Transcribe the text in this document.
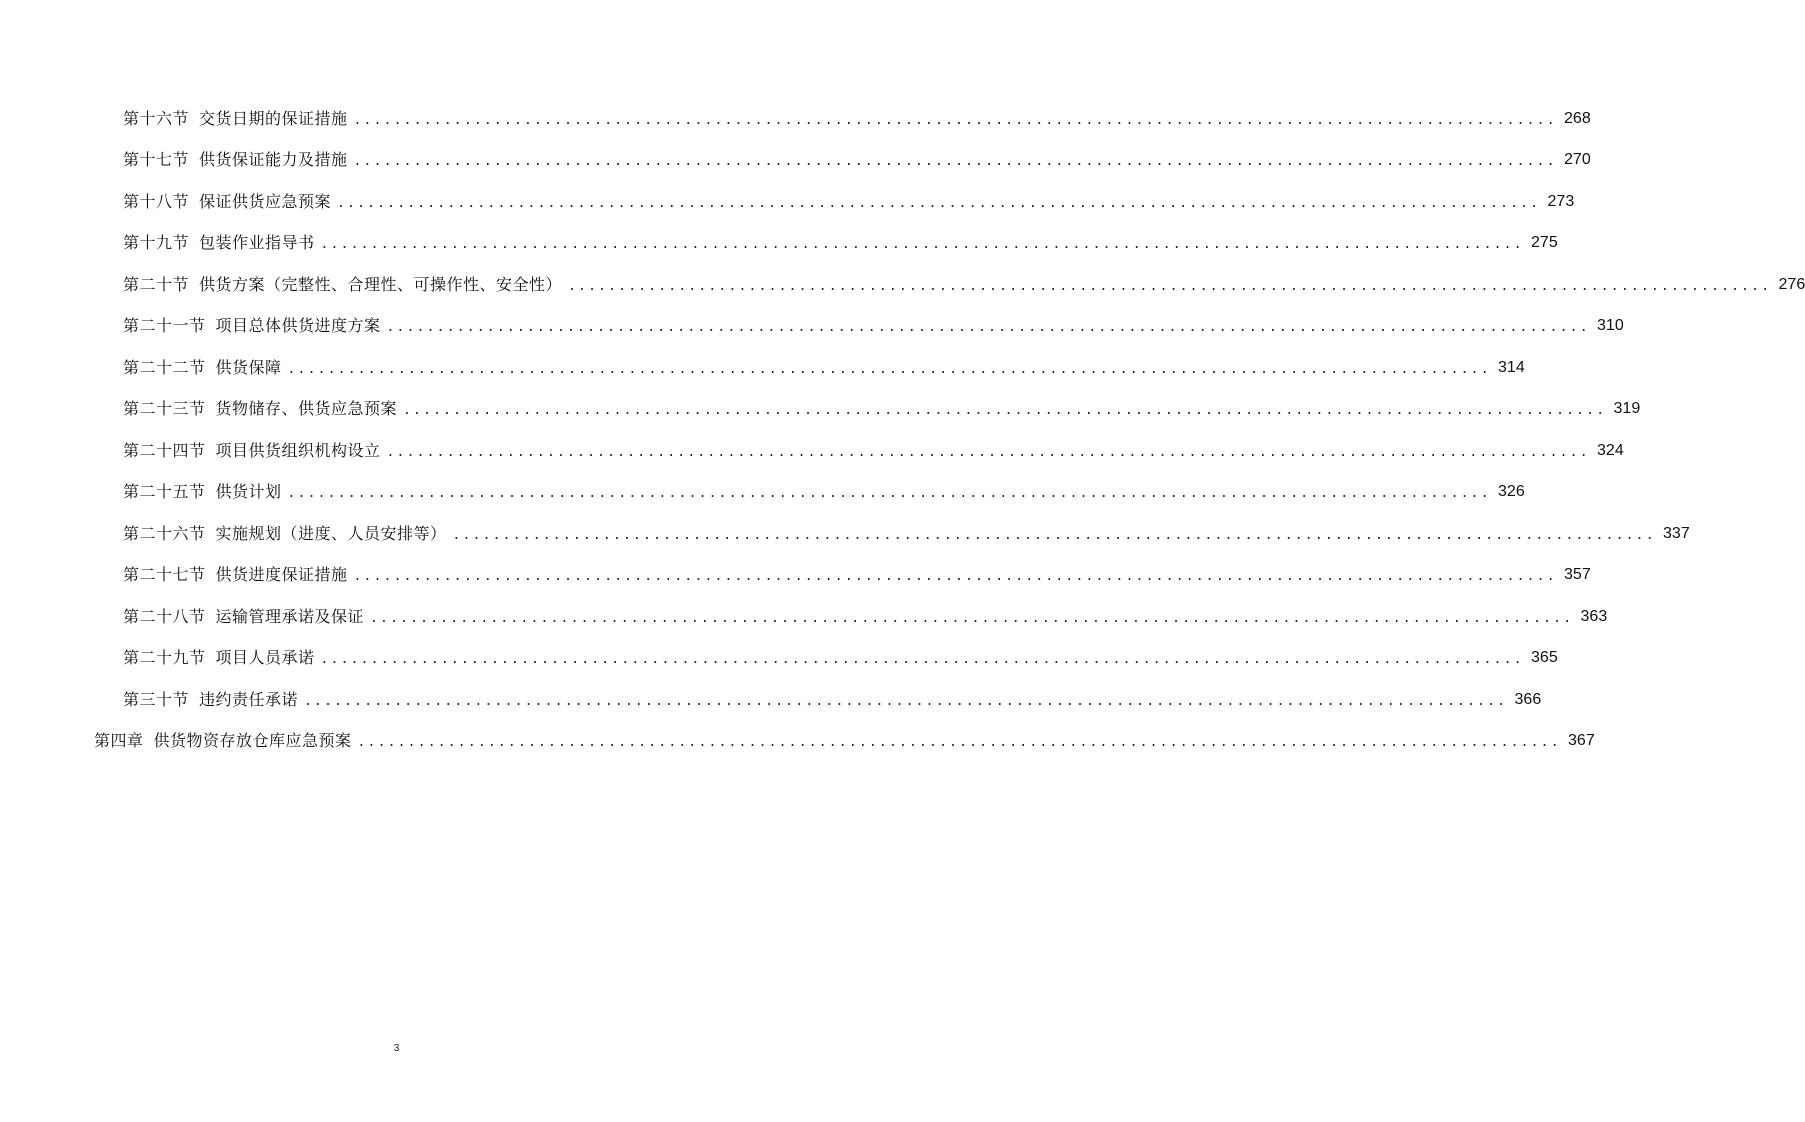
第十六节 交货日期的保证措施 ........................................................................................................................ 268
第十七节 供货保证能力及措施 ........................................................................................................................ 270
第十八节 保证供货应急预案 ........................................................................................................................ 273
第十九节 包装作业指导书 ........................................................................................................................ 275
第二十节 供货方案（完整性、合理性、可操作性、安全性） ........................................................................................................................ 276
第二十一节 项目总体供货进度方案 ........................................................................................................................ 310
第二十二节 供货保障 ........................................................................................................................ 314
第二十三节 货物储存、供货应急预案 ........................................................................................................................ 319
第二十四节 项目供货组织机构设立 ........................................................................................................................ 324
第二十五节 供货计划 ........................................................................................................................ 326
第二十六节 实施规划（进度、人员安排等） ........................................................................................................................ 337
第二十七节 供货进度保证措施 ........................................................................................................................ 357
第二十八节 运输管理承诺及保证 ........................................................................................................................ 363
第二十九节 项目人员承诺 ........................................................................................................................ 365
第三十节 违约责任承诺 ........................................................................................................................ 366
第四章 供货物资存放仓库应急预案 ........................................................................................................................ 367
3
